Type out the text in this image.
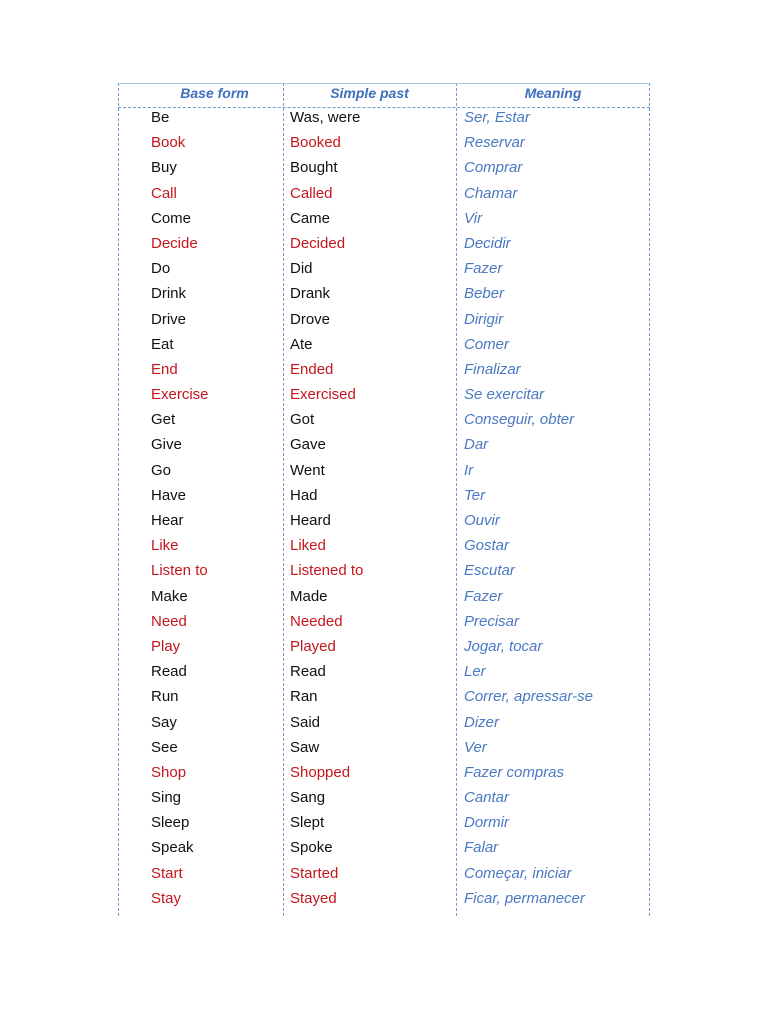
Base form	Simple past	Meaning
Be	Was, were	Ser, Estar
Book	Booked	Reservar
Buy	Bought	Comprar
Call	Called	Chamar
Come	Came	Vir
Decide	Decided	Decidir
Do	Did	Fazer
Drink	Drank	Beber
Drive	Drove	Dirigir
Eat	Ate	Comer
End	Ended	Finalizar
Exercise	Exercised	Se exercitar
Get	Got	Conseguir, obter
Give	Gave	Dar
Go	Went	Ir
Have	Had	Ter
Hear	Heard	Ouvir
Like	Liked	Gostar
Listen to	Listened to	Escutar
Make	Made	Fazer
Need	Needed	Precisar
Play	Played	Jogar, tocar
Read	Read	Ler
Run	Ran	Correr, apressar-se
Say	Said	Dizer
See	Saw	Ver
Shop	Shopped	Fazer compras
Sing	Sang	Cantar
Sleep	Slept	Dormir
Speak	Spoke	Falar
Start	Started	Começar, iniciar
Stay	Stayed	Ficar, permanecer
